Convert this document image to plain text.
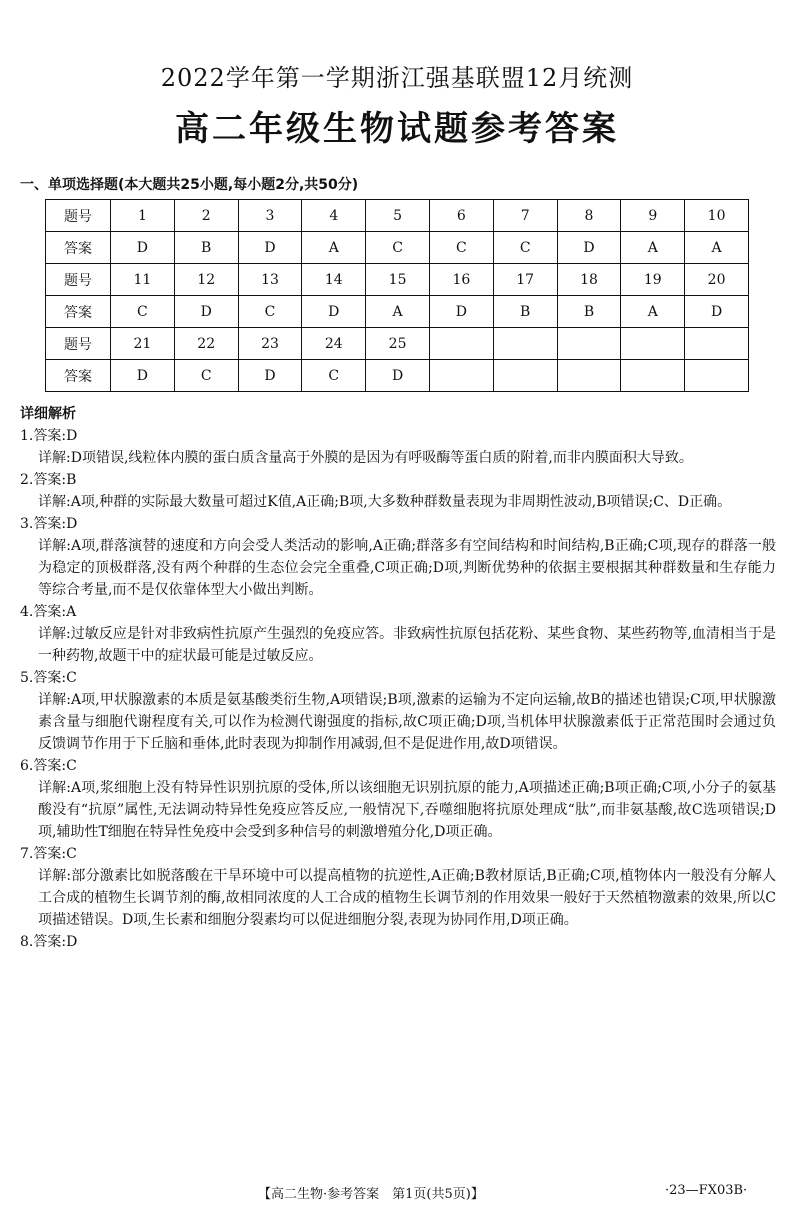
2022学年第一学期浙江强基联盟12月统测
高二年级生物试题参考答案
一、单项选择题(本大题共25小题,每小题2分,共50分)
题号	1	2	3	4	5	6	7	8	9	10
答案	D	B	D	A	C	C	C	D	A	A
题号	11	12	13	14	15	16	17	18	19	20
答案	C	D	C	D	A	D	B	B	A	D
题号	21	22	23	24	25					
答案	D	C	D	C	D					
详细解析
1.答案:D
详解:D项错误,线粒体内膜的蛋白质含量高于外膜的是因为有呼吸酶等蛋白质的附着,而非内膜面积大导致。
2.答案:B
详解:A项,种群的实际最大数量可超过K值,A正确;B项,大多数种群数量表现为非周期性波动,B项错误;C、D正确。
3.答案:D
详解:A项,群落演替的速度和方向会受人类活动的影响,A正确;群落多有空间结构和时间结构,B正确;C项,现存的群落一般为稳定的顶极群落,没有两个种群的生态位会完全重叠,C项正确;D项,判断优势种的依据主要根据其种群数量和生存能力等综合考量,而不是仅依靠体型大小做出判断。
4.答案:A
详解:过敏反应是针对非致病性抗原产生强烈的免疫应答。非致病性抗原包括花粉、某些食物、某些药物等,血清相当于是一种药物,故题干中的症状最可能是过敏反应。
5.答案:C
详解:A项,甲状腺激素的本质是氨基酸类衍生物,A项错误;B项,激素的运输为不定向运输,故B的描述也错误;C项,甲状腺激素含量与细胞代谢程度有关,可以作为检测代谢强度的指标,故C项正确;D项,当机体甲状腺激素低于正常范围时会通过负反馈调节作用于下丘脑和垂体,此时表现为抑制作用减弱,但不是促进作用,故D项错误。
6.答案:C
详解:A项,浆细胞上没有特异性识别抗原的受体,所以该细胞无识别抗原的能力,A项描述正确;B项正确;C项,小分子的氨基酸没有“抗原”属性,无法调动特异性免疫应答反应,一般情况下,吞噬细胞将抗原处理成“肽”,而非氨基酸,故C选项错误;D项,辅助性T细胞在特异性免疫中会受到多种信号的刺激增殖分化,D项正确。
7.答案:C
详解:部分激素比如脱落酸在干旱环境中可以提高植物的抗逆性,A正确;B教材原话,B正确;C项,植物体内一般没有分解人工合成的植物生长调节剂的酶,故相同浓度的人工合成的植物生长调节剂的作用效果一般好于天然植物激素的效果,所以C项描述错误。D项,生长素和细胞分裂素均可以促进细胞分裂,表现为协同作用,D项正确。
8.答案:D
【高二生物·参考答案　第1页(共5页)】	·23—FX03B·
